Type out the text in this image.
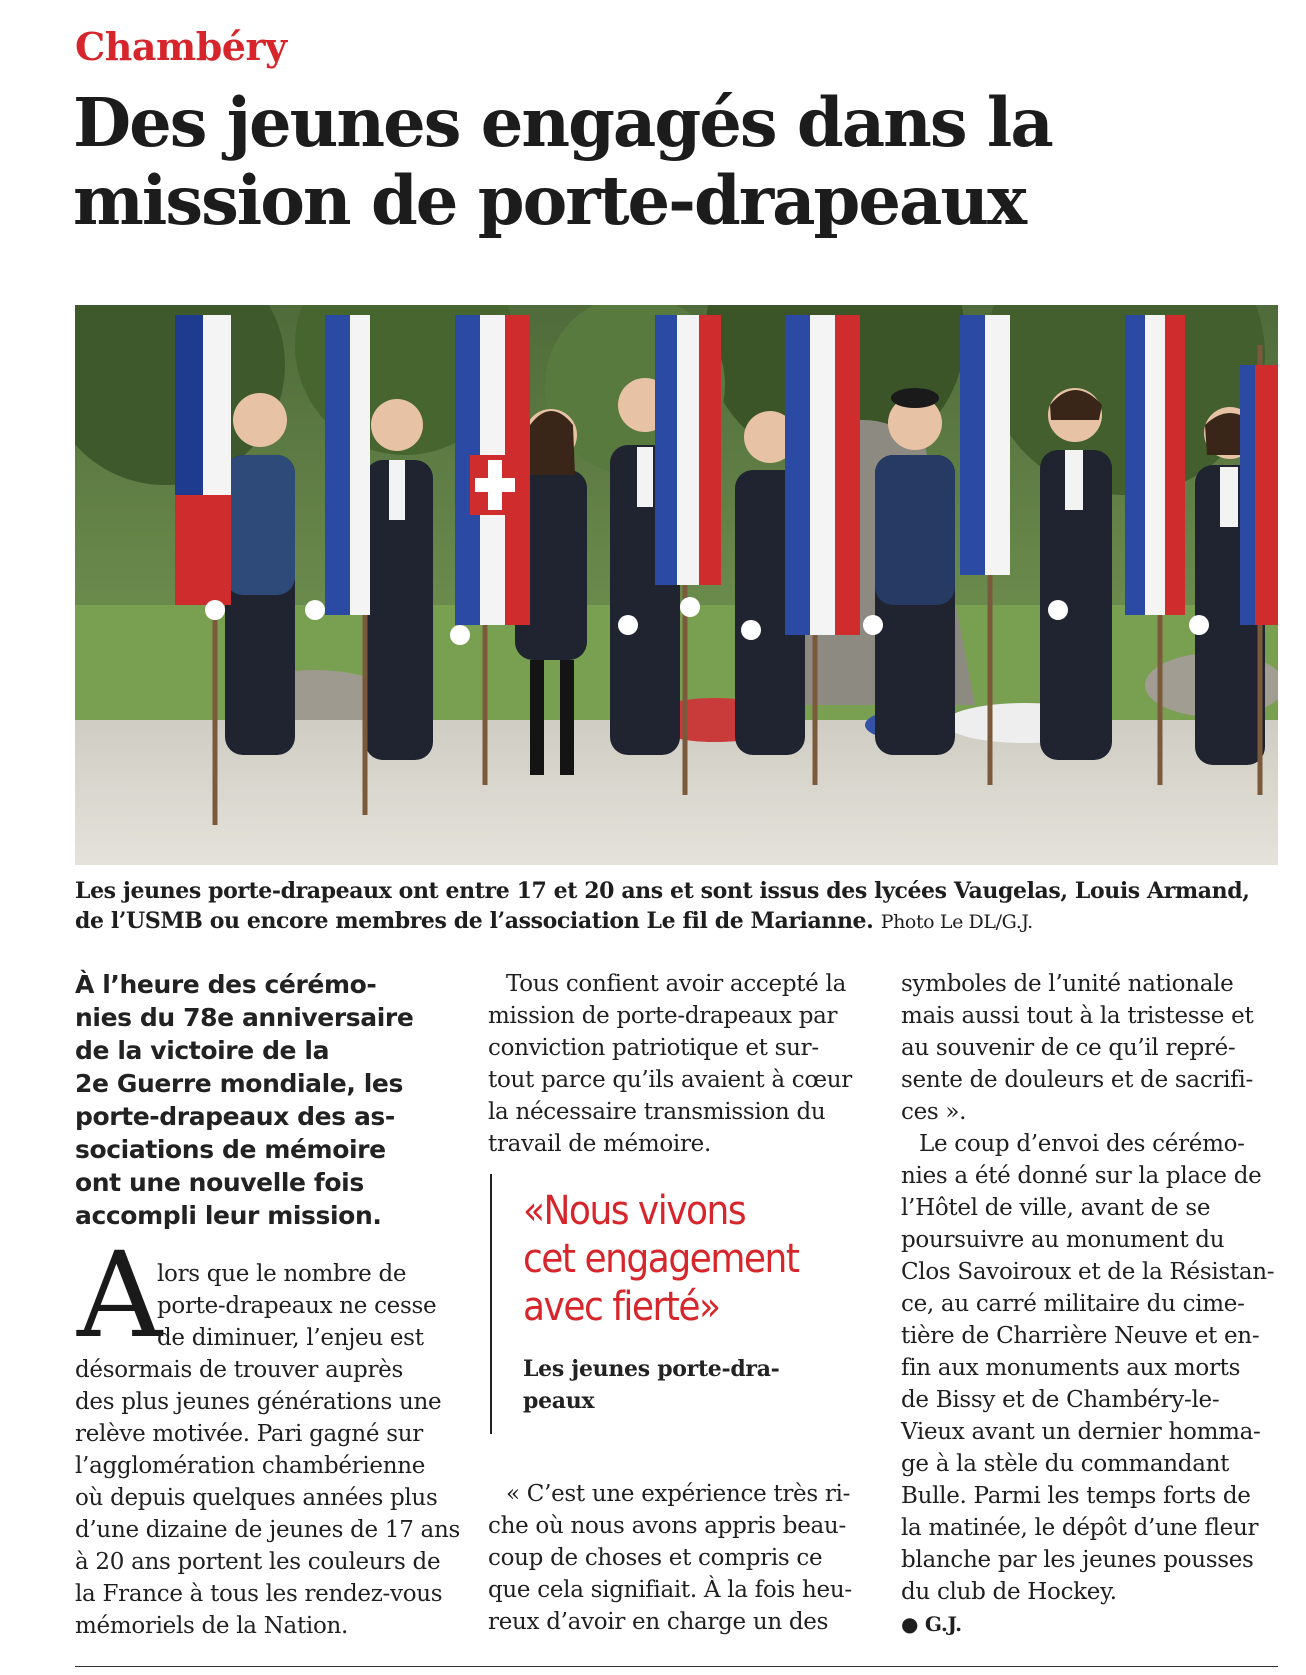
Chambéry
Des jeunes engagés dans la
mission de porte-drapeaux
Les jeunes porte-drapeaux ont entre 17 et 20 ans et sont issus des lycées Vaugelas, Louis Armand, de l’USMB ou encore membres de l’association Le fil de Marianne. Photo Le DL/G.J.
À l’heure des cérémo-
nies du 78e anniversaire
de la victoire de la
2e Guerre mondiale, les
porte-drapeaux des as-
sociations de mémoire
ont une nouvelle fois
accompli leur mission.
A
lors que le nombre de
porte-drapeaux ne cesse
de diminuer, l’enjeu est
désormais de trouver auprès
des plus jeunes générations une
relève motivée. Pari gagné sur
l’agglomération chambérienne
où depuis quelques années plus
d’une dizaine de jeunes de 17 ans
à 20 ans portent les couleurs de
la France à tous les rendez-vous
mémoriels de la Nation.
Tous confient avoir accepté la
mission de porte-drapeaux par
conviction patriotique et sur-
tout parce qu’ils avaient à cœur
la nécessaire transmission du
travail de mémoire.
«Nous vivons
cet engagement
avec fierté»
Les jeunes porte-dra-
peaux
« C’est une expérience très ri-
che où nous avons appris beau-
coup de choses et compris ce
que cela signifiait. À la fois heu-
reux d’avoir en charge un des
symboles de l’unité nationale
mais aussi tout à la tristesse et
au souvenir de ce qu’il repré-
sente de douleurs et de sacrifi-
ces ».
Le coup d’envoi des cérémo-
nies a été donné sur la place de
l’Hôtel de ville, avant de se
poursuivre au monument du
Clos Savoiroux et de la Résistan-
ce, au carré militaire du cime-
tière de Charrière Neuve et en-
fin aux monuments aux morts
de Bissy et de Chambéry-le-
Vieux avant un dernier homma-
ge à la stèle du commandant
Bulle. Parmi les temps forts de
la matinée, le dépôt d’une fleur
blanche par les jeunes pousses
du club de Hockey.
● G.J.
